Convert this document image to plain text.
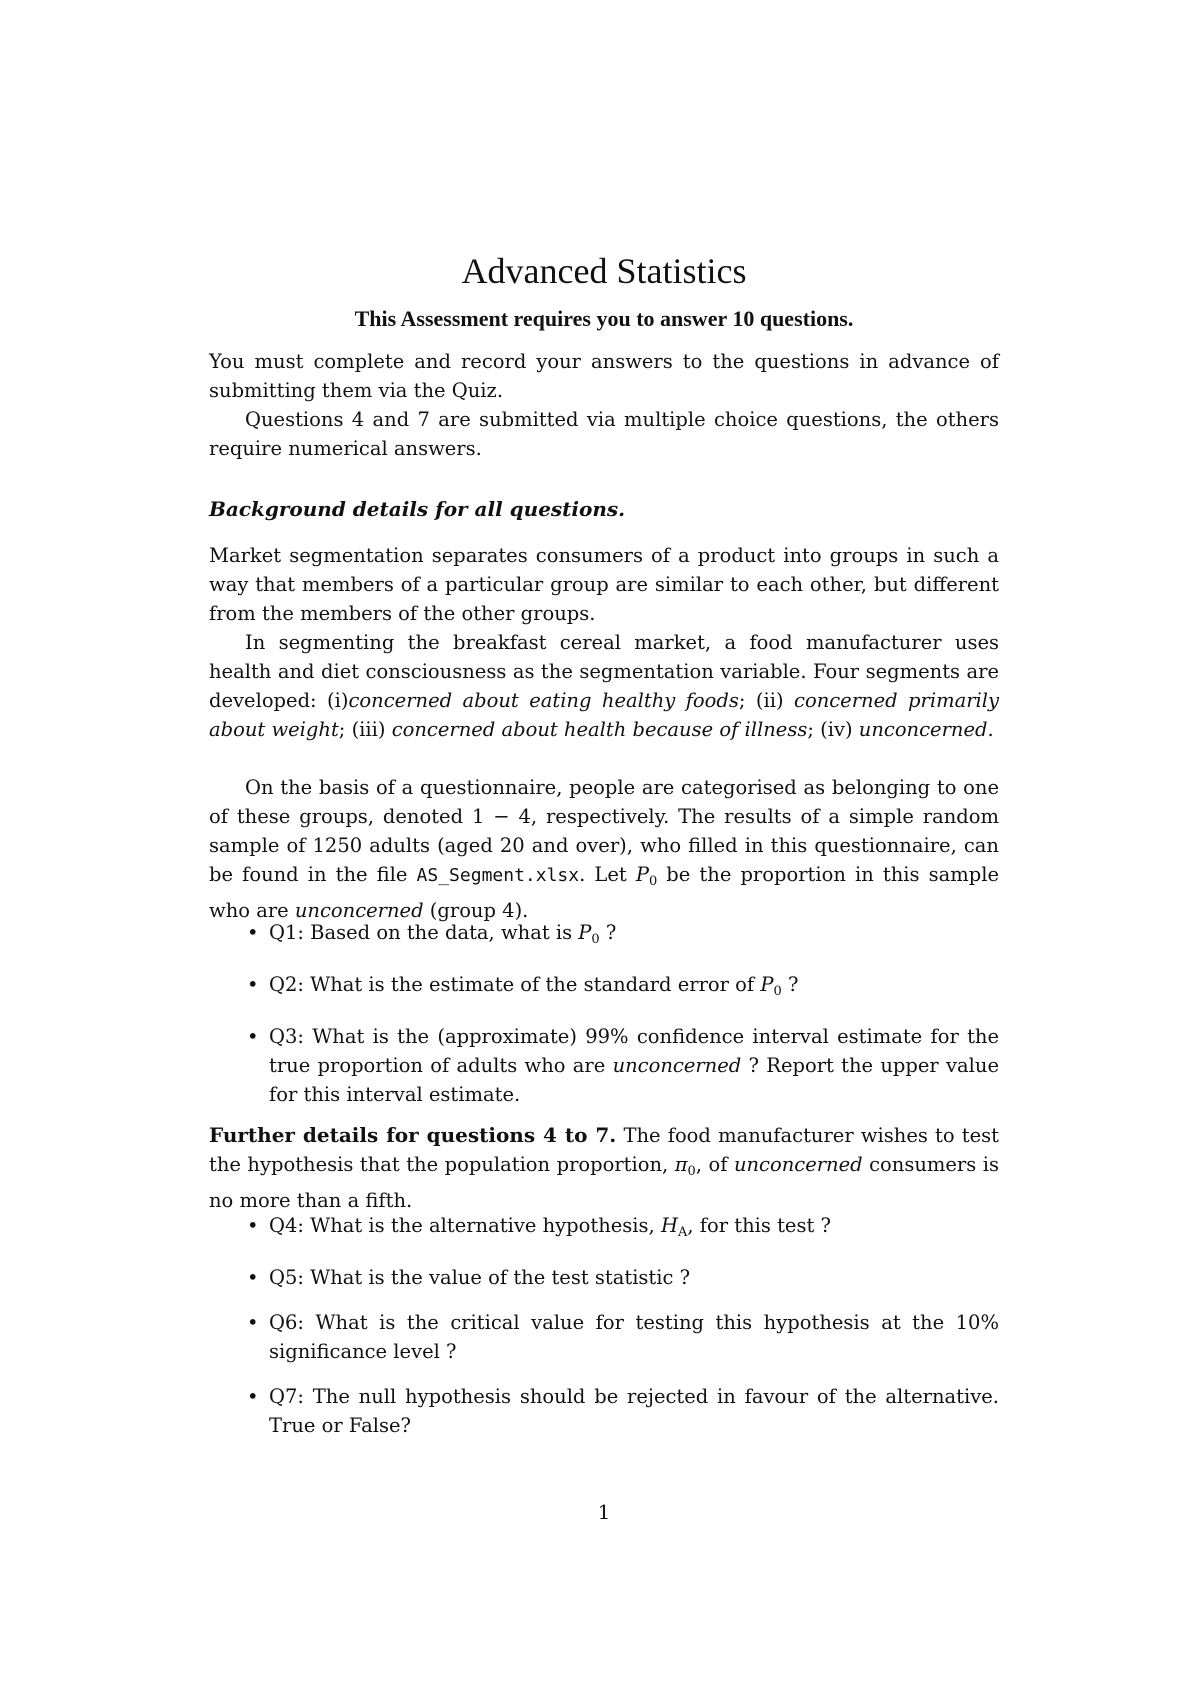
Advanced Statistics

This Assessment requires you to answer 10 questions.

You must complete and record your answers to the questions in advance of submitting them via the Quiz.

Questions 4 and 7 are submitted via multiple choice questions, the others require numerical answers.

Background details for all questions.

Market segmentation separates consumers of a product into groups in such a way that members of a particular group are similar to each other, but different from the members of the other groups.

In segmenting the breakfast cereal market, a food manufacturer uses health and diet consciousness as the segmentation variable. Four segments are developed: (i)concerned about eating healthy foods; (ii) concerned primarily about weight; (iii) concerned about health because of illness; (iv) unconcerned.

On the basis of a questionnaire, people are categorised as belonging to one of these groups, denoted 1 − 4, respectively. The results of a simple random sample of 1250 adults (aged 20 and over), who filled in this questionnaire, can be found in the file AS_Segment.xlsx. Let $P_0$ be the proportion in this sample who are unconcerned (group 4).

• Q1: Based on the data, what is $P_0$ ?
• Q2: What is the estimate of the standard error of $P_0$ ?
• Q3: What is the (approximate) 99% confidence interval estimate for the true proportion of adults who are unconcerned ? Report the upper value for this interval estimate.

Further details for questions 4 to 7. The food manufacturer wishes to test the hypothesis that the population proportion, $\pi_0$, of unconcerned consumers is no more than a fifth.

• Q4: What is the alternative hypothesis, $H_A$, for this test ?
• Q5: What is the value of the test statistic ?
• Q6: What is the critical value for testing this hypothesis at the 10% significance level ?
• Q7: The null hypothesis should be rejected in favour of the alternative. True or False?
1
